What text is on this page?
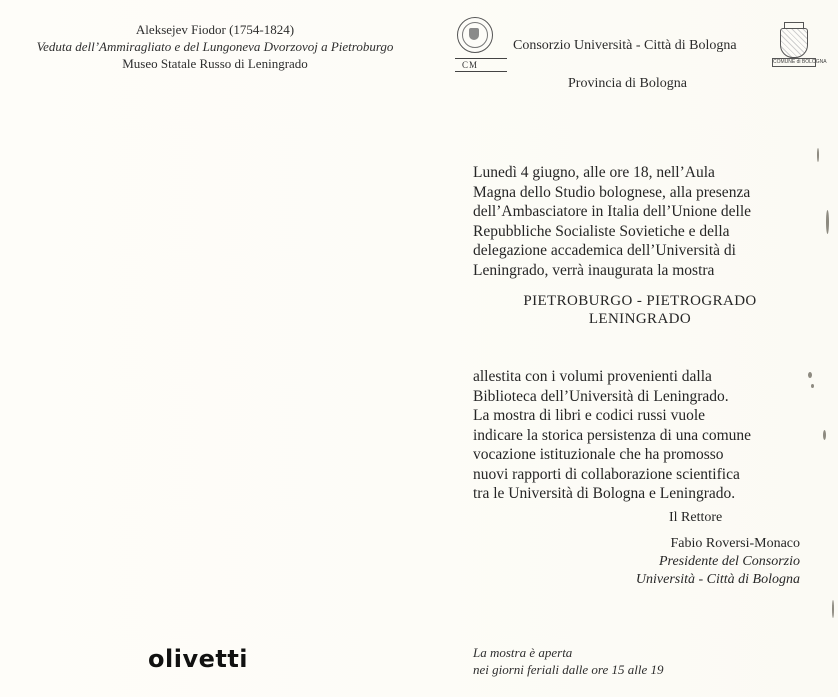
Aleksejev Fiodor (1754-1824)
Veduta dell’Ammiragliato e del Lungoneva Dvorzovoj a Pietroburgo
Museo Statale Russo di Leningrado
olivetti
CM
Consorzio Università - Città di Bologna
COMUNE di BOLOGNA
Provincia di Bologna
Lunedì 4 giugno, alle ore 18, nell’Aula
Magna dello Studio bolognese, alla presenza
dell’Ambasciatore in Italia dell’Unione delle
Repubbliche Socialiste Sovietiche e della
delegazione accademica dell’Università di
Leningrado, verrà inaugurata la mostra
PIETROBURGO - PIETROGRADO
LENINGRADO
allestita con i volumi provenienti dalla
Biblioteca dell’Università di Leningrado.
La mostra di libri e codici russi vuole
indicare la storica persistenza di una comune
vocazione istituzionale che ha promosso
nuovi rapporti di collaborazione scientifica
tra le Università di Bologna e Leningrado.
Il Rettore
Fabio Roversi-Monaco
Presidente del Consorzio
Università - Città di Bologna
La mostra è aperta
nei giorni feriali dalle ore 15 alle 19
